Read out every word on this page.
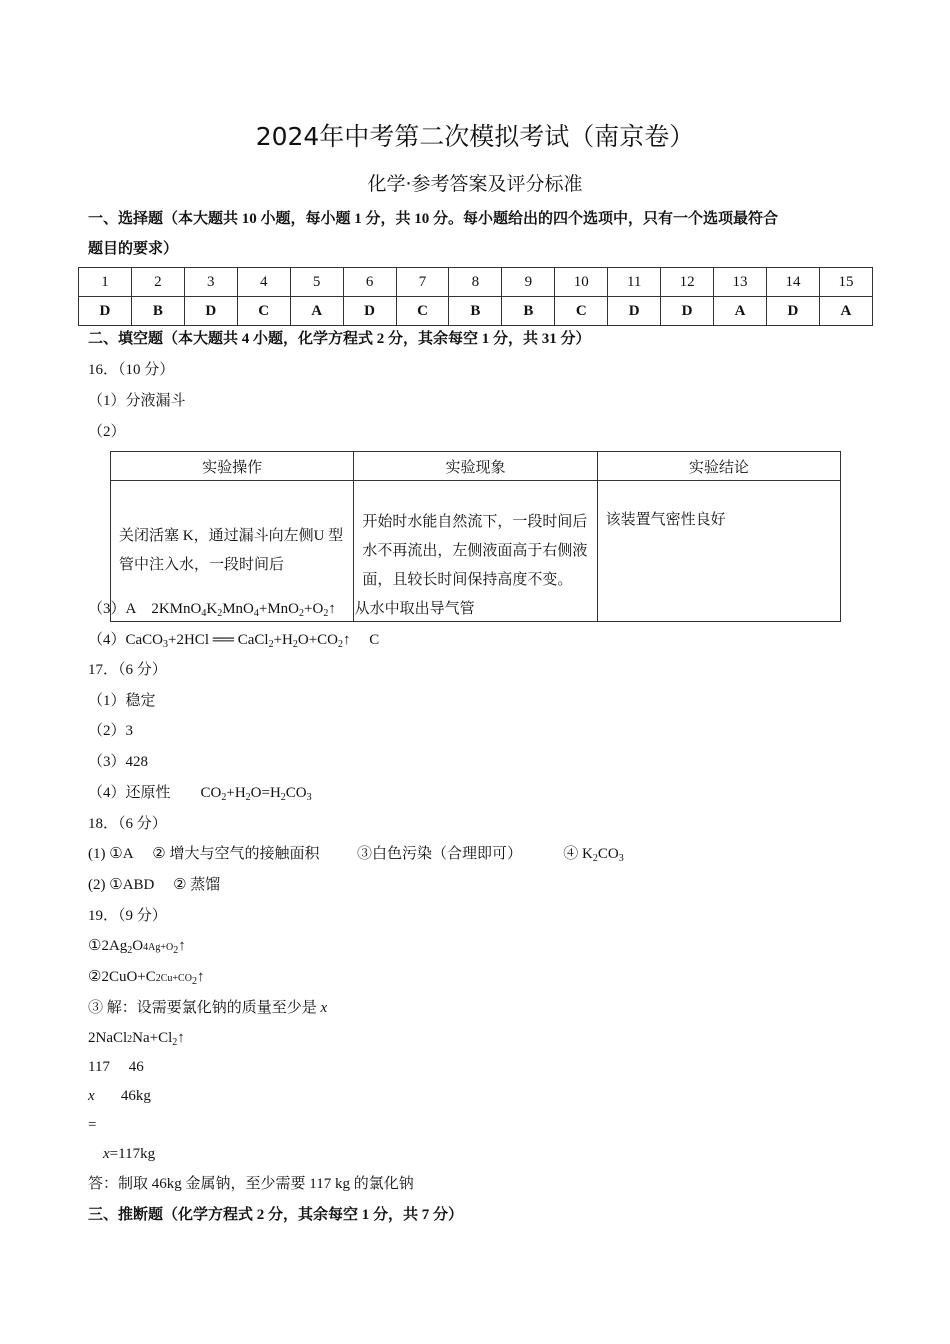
2024年中考第二次模拟考试（南京卷）
化学·参考答案及评分标准
一、选择题（本大题共 10 小题，每小题 1 分，共 10 分。每小题给出的四个选项中，只有一个选项最符合
题目的要求）
1	2	3	4	5	6	7	8	9	10	11	12	13	14	15
D	B	D	C	A	D	C	B	B	C	D	D	A	D	A
二、填空题（本大题共 4 小题，化学方程式 2 分，其余每空 1 分，共 31 分）
16．（10 分）
（1）分液漏斗
（2）
实验操作	实验现象	实验结论
关闭活塞 K，通过漏斗向左侧U 型管中注入水，一段时间后	开始时水能自然流下，一段时间后水不再流出，左侧液面高于右侧液面，且较长时间保持高度不变。	该装置气密性良好
（3）A $2KMnO_4K_2MnO_4+MnO_2+O_2↑$ 从水中取出导气管
（4）CaCO$_3$+2HCl ══ $CaCl_2+H_2O+CO_2↑$ C
17．（6 分）
（1）稳定
（2）3
（3）428
（4）还原性 $CO_2+H_2O=H_2CO_3$
18．（6 分）
(1) ①A ② 增大与空气的接触面积	③白色污染（合理即可）	④ $K_2CO_3$
(2) ①ABD ② 蒸馏
19．（9 分）
$①2Ag_2O4Ag+O_2↑$
$②2CuO+C2Cu+CO_2↑$
③ 解：设需要氯化钠的质量至少是 x
$2NaCl2Na+Cl_2↑$
117     46
x 46kg
=
x=117kg
答：制取 46kg 金属钠，至少需要 117 kg 的氯化钠
三、推断题（化学方程式 2 分，其余每空 1 分，共 7 分）
